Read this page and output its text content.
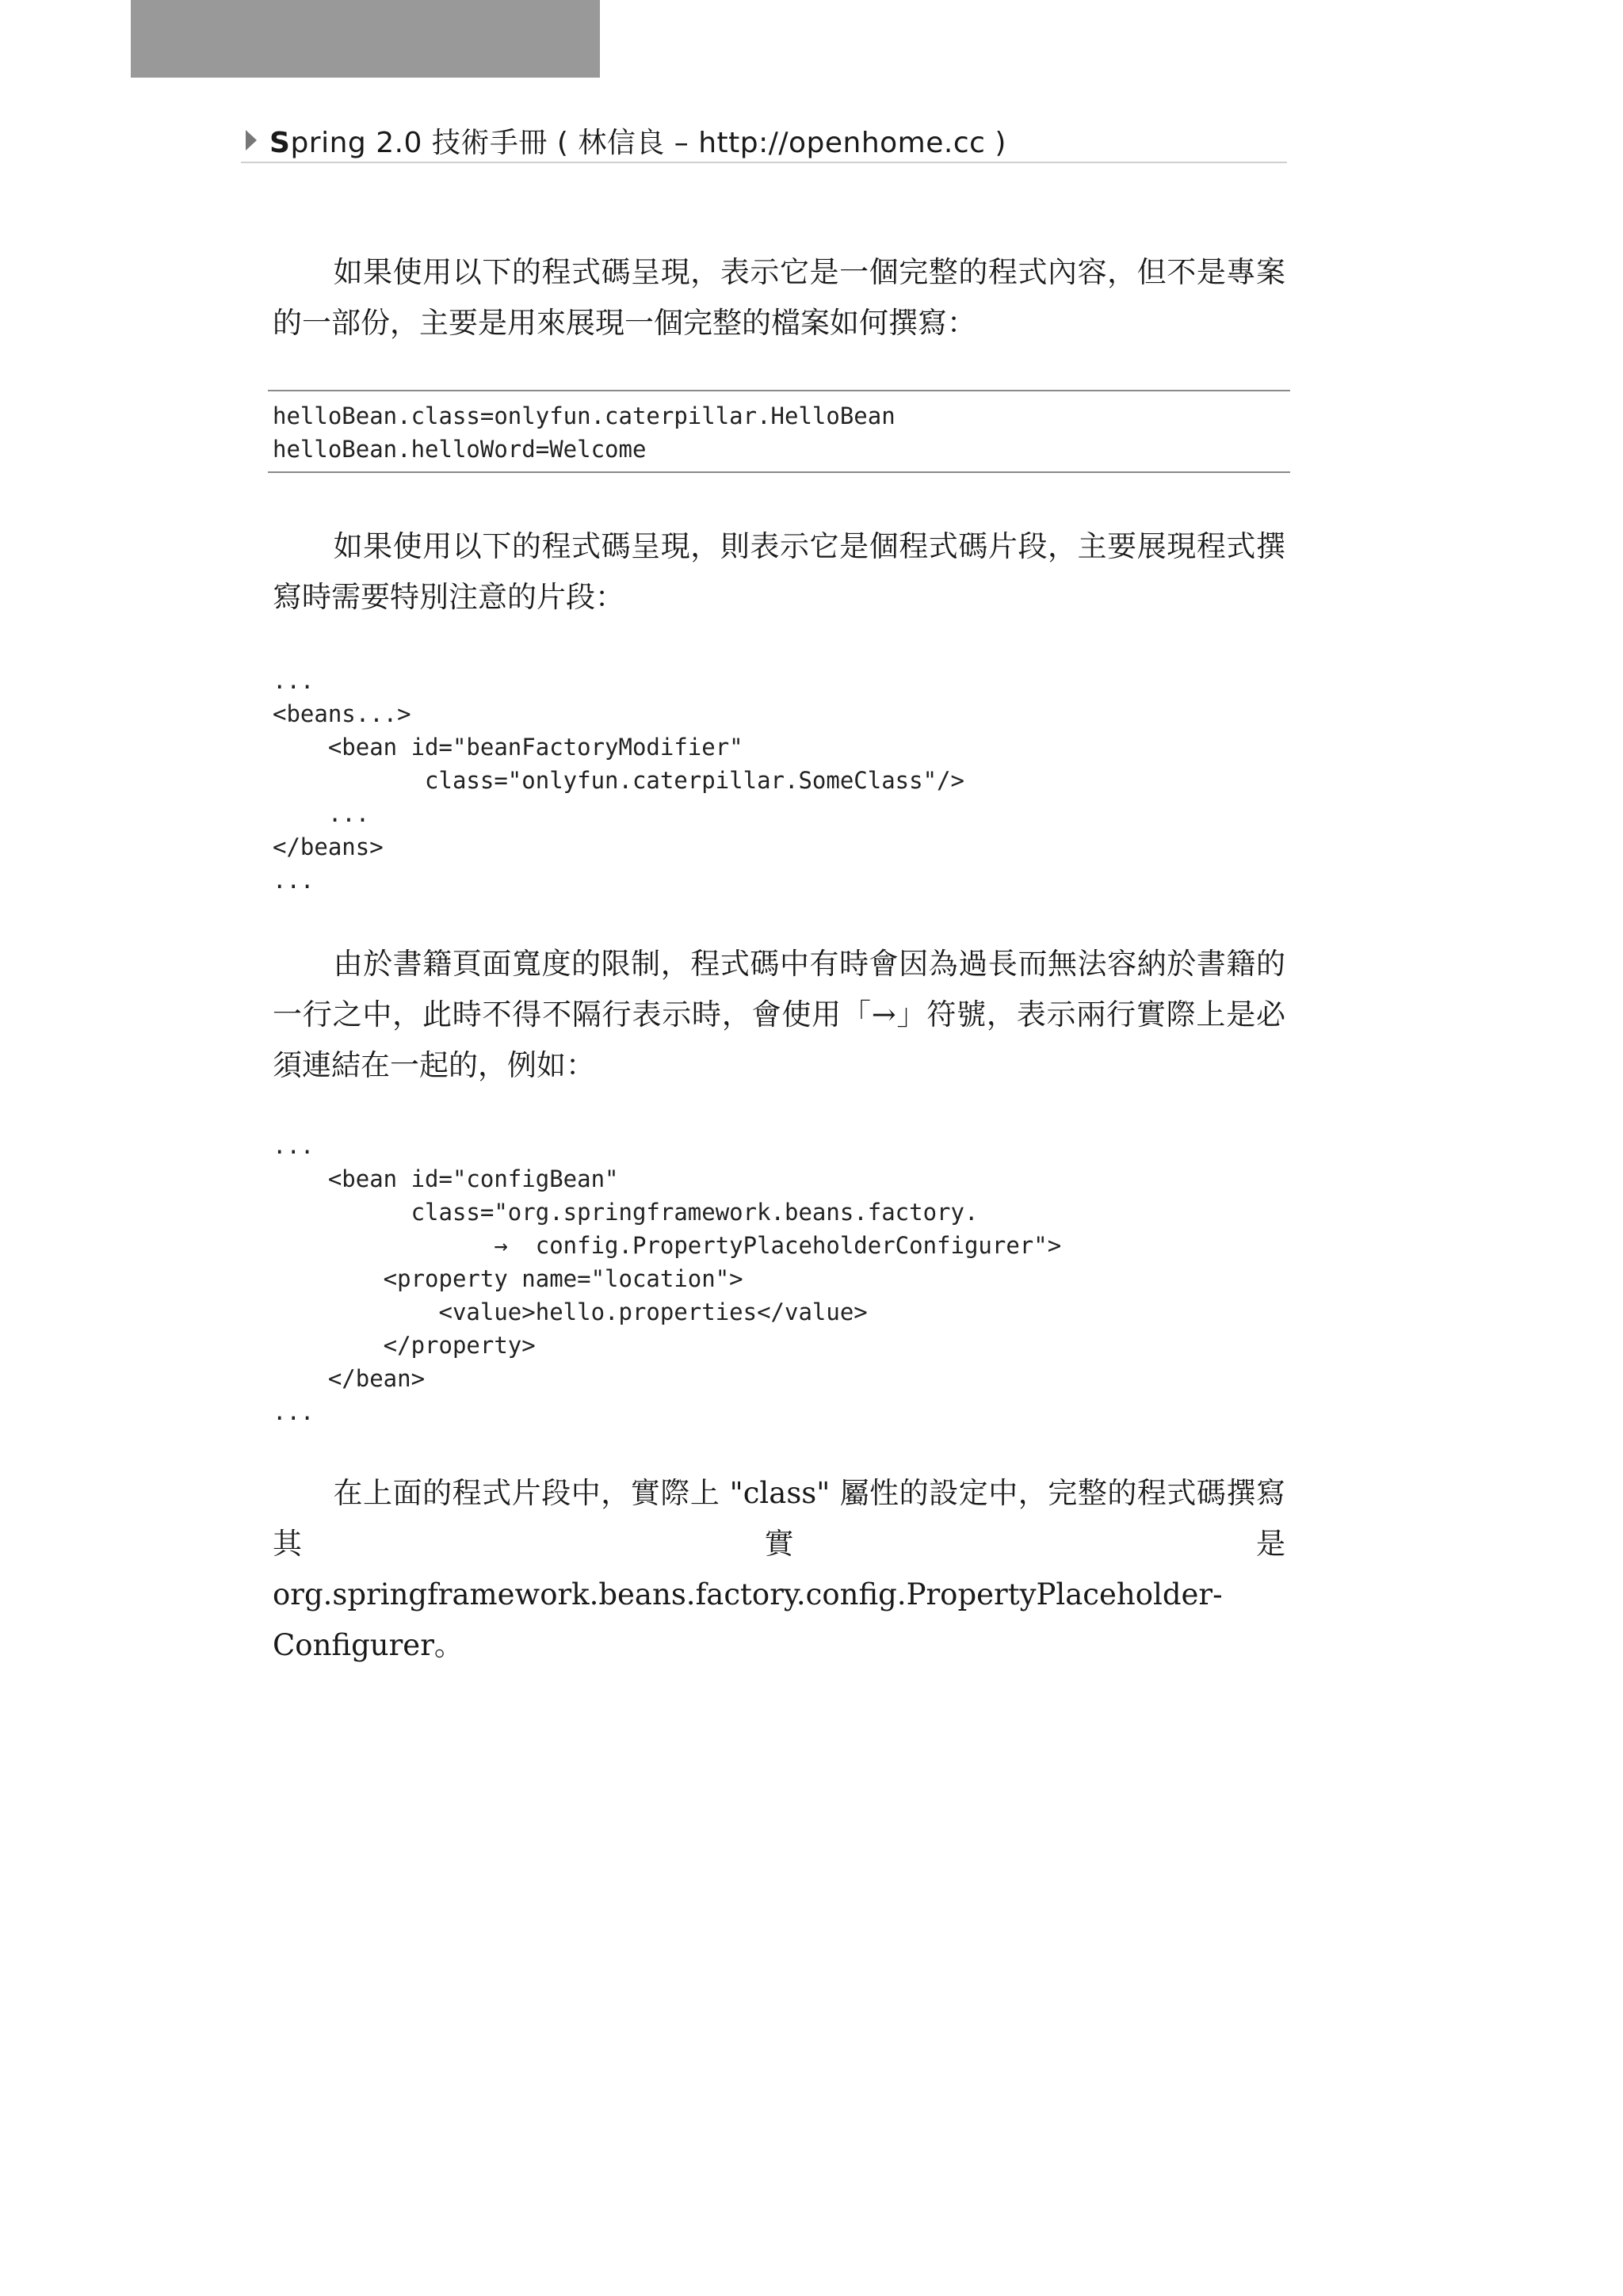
Spring 2.0 技術手冊 ( 林信良 – http://openhome.cc )

如果使用以下的程式碼呈現，表示它是一個完整的程式內容，但不是專案的一部份，主要是用來展現一個完整的檔案如何撰寫：

helloBean.class=onlyfun.caterpillar.HelloBean
helloBean.helloWord=Welcome

如果使用以下的程式碼呈現，則表示它是個程式碼片段，主要展現程式撰寫時需要特別注意的片段：

...
<beans...>
<bean id="beanFactoryModifier"
class="onlyfun.caterpillar.SomeClass"/>
...
</beans>
...

由於書籍頁面寬度的限制，程式碼中有時會因為過長而無法容納於書籍的一行之中，此時不得不隔行表示時，會使用「→」符號，表示兩行實際上是必須連結在一起的，例如：

...
<bean id="configBean"
class="org.springframework.beans.factory.
→  config.PropertyPlaceholderConfigurer">
<property name="location">
<value>hello.properties</value>
</property>
</bean>
...

在上面的程式片段中，實際上 "class" 屬性的設定中，完整的程式碼撰寫其實是 org.springframework.beans.factory.config.PropertyPlaceholder-Configurer。
